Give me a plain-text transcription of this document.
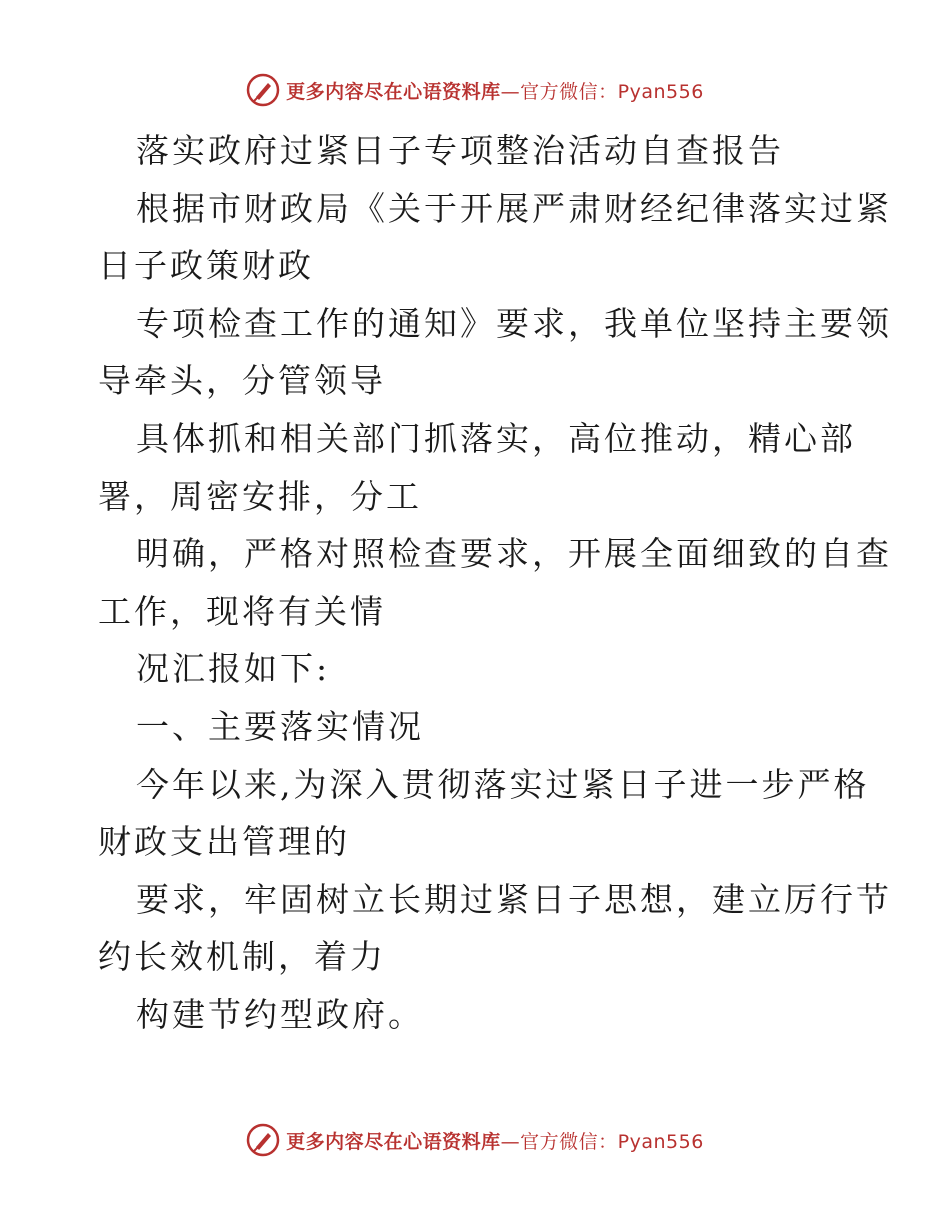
更多内容尽在心语资料库—官方微信：Pyan556
落实政府过紧日子专项整治活动自查报告
根据市财政局《关于开展严肃财经纪律落实过紧
日子政策财政
专项检查工作的通知》要求，我单位坚持主要领
导牵头，分管领导
具体抓和相关部门抓落实，高位推动，精心部
署，周密安排，分工
明确，严格对照检查要求，开展全面细致的自查
工作，现将有关情
况汇报如下:
一、主要落实情况
今年以来,为深入贯彻落实过紧日子进一步严格
财政支出管理的
要求，牢固树立长期过紧日子思想，建立厉行节
约长效机制，着力
构建节约型政府。
更多内容尽在心语资料库—官方微信：Pyan556
